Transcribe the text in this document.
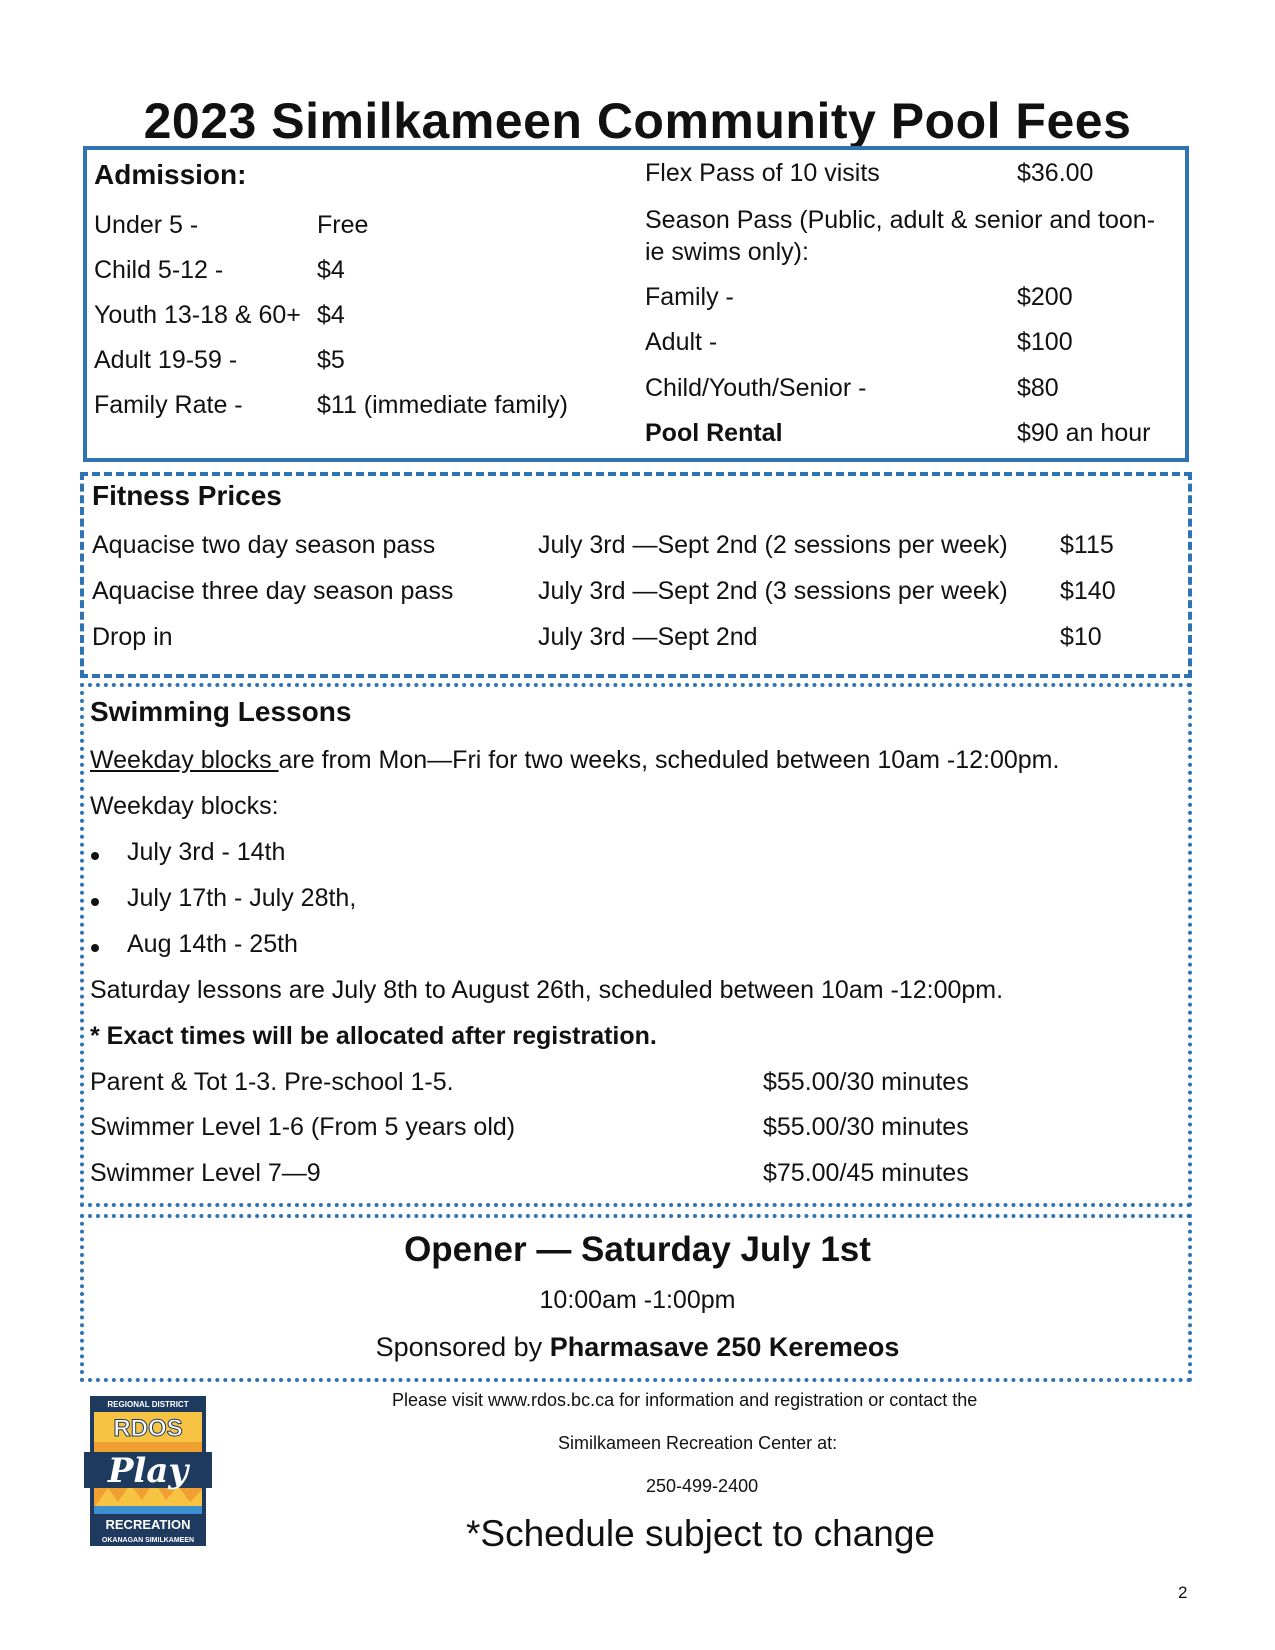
2023 Similkameen Community Pool Fees
Admission:
Under 5 -	Free
Child 5-12 -	$4
Youth 13-18 & 60+ $4
Adult 19-59 -	$5
Family Rate -	$11 (immediate family)
Flex Pass of 10 visits	$36.00
Season Pass (Public, adult & senior and toon-
ie swims only):
Family -	$200
Adult -	$100
Child/Youth/Senior -	$80
Pool Rental	$90 an hour
Fitness Prices
Aquacise two day season pass	July 3rd —Sept 2nd (2 sessions per week) $115
Aquacise three day season pass	July 3rd —Sept 2nd (3 sessions per week) $140
Drop in	July 3rd —Sept 2nd	$10
Swimming Lessons
Weekday blocks are from Mon—Fri for two weeks, scheduled between 10am -12:00pm.
Weekday blocks:
July 3rd - 14th
July 17th - July 28th,
Aug 14th - 25th
Saturday lessons are July 8th to August 26th, scheduled between 10am -12:00pm.
* Exact times will be allocated after registration.
Parent & Tot 1-3. Pre-school 1-5.	$55.00/30 minutes
Swimmer Level 1-6 (From 5 years old)	$55.00/30 minutes
Swimmer Level 7—9	$75.00/45 minutes
Opener — Saturday July 1st
10:00am -1:00pm
Sponsored by Pharmasave 250 Keremeos
Please visit www.rdos.bc.ca for information and registration or contact the
Similkameen Recreation Center at:
250-499-2400
*Schedule subject to change
2
REGIONAL DISTRICT
RDOS
Play
RECREATION
OKANAGAN SIMILKAMEEN
